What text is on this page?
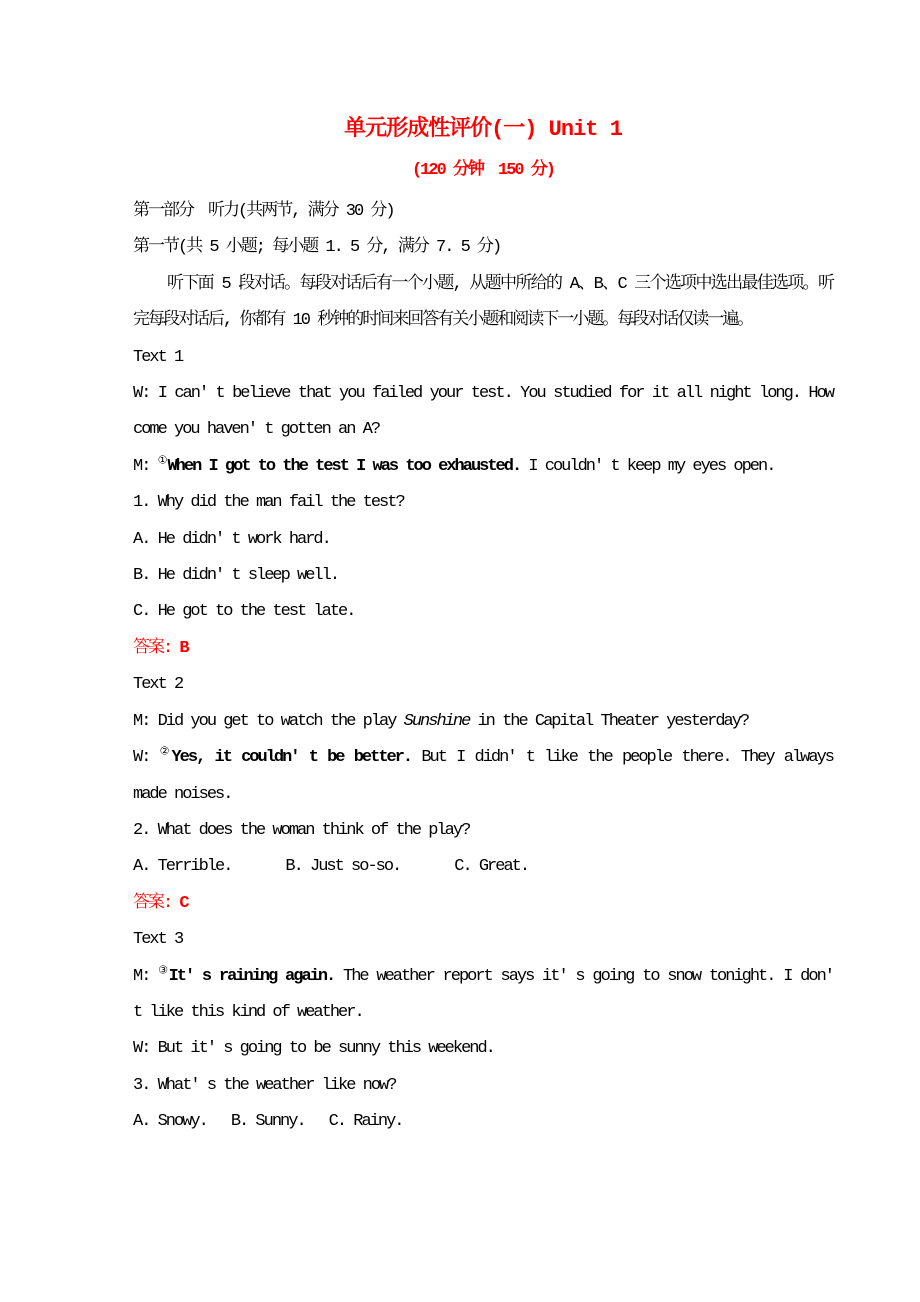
单元形成性评价(一) Unit 1
(120 分钟　150 分)
第一部分　听力(共两节, 满分 30 分)
第一节(共 5 小题; 每小题 1. 5 分, 满分 7. 5 分)

听下面 5 段对话。每段对话后有一个小题, 从题中所给的 A、B、C 三个选项中选出最佳选项。听完每段对话后, 你都有 10 秒钟的时间来回答有关小题和阅读下一小题。每段对话仅读一遍。

Text 1

W: I can' t believe that you failed your test. You studied for it all night long. How come you haven' t gotten an A?

M: ①When I got to the test I was too exhausted. I couldn' t keep my eyes open.

1. Why did the man fail the test?
A. He didn' t work hard.
B. He didn' t sleep well.
C. He got to the test late.
答案: B
Text 2

M: Did you get to watch the play Sunshine in the Capital Theater yesterday?

W: ②Yes, it couldn' t be better. But I didn' t like the people there. They always made noises.

2. What does the woman think of the play?
A. Terrible.	B. Just so-so.	C. Great.
答案: C
Text 3

M: ③It' s raining again. The weather report says it' s going to snow tonight. I don' t like this kind of weather.

W: But it' s going to be sunny this weekend.

3. What' s the weather like now?
A. Snowy. B. Sunny. C. Rainy.
